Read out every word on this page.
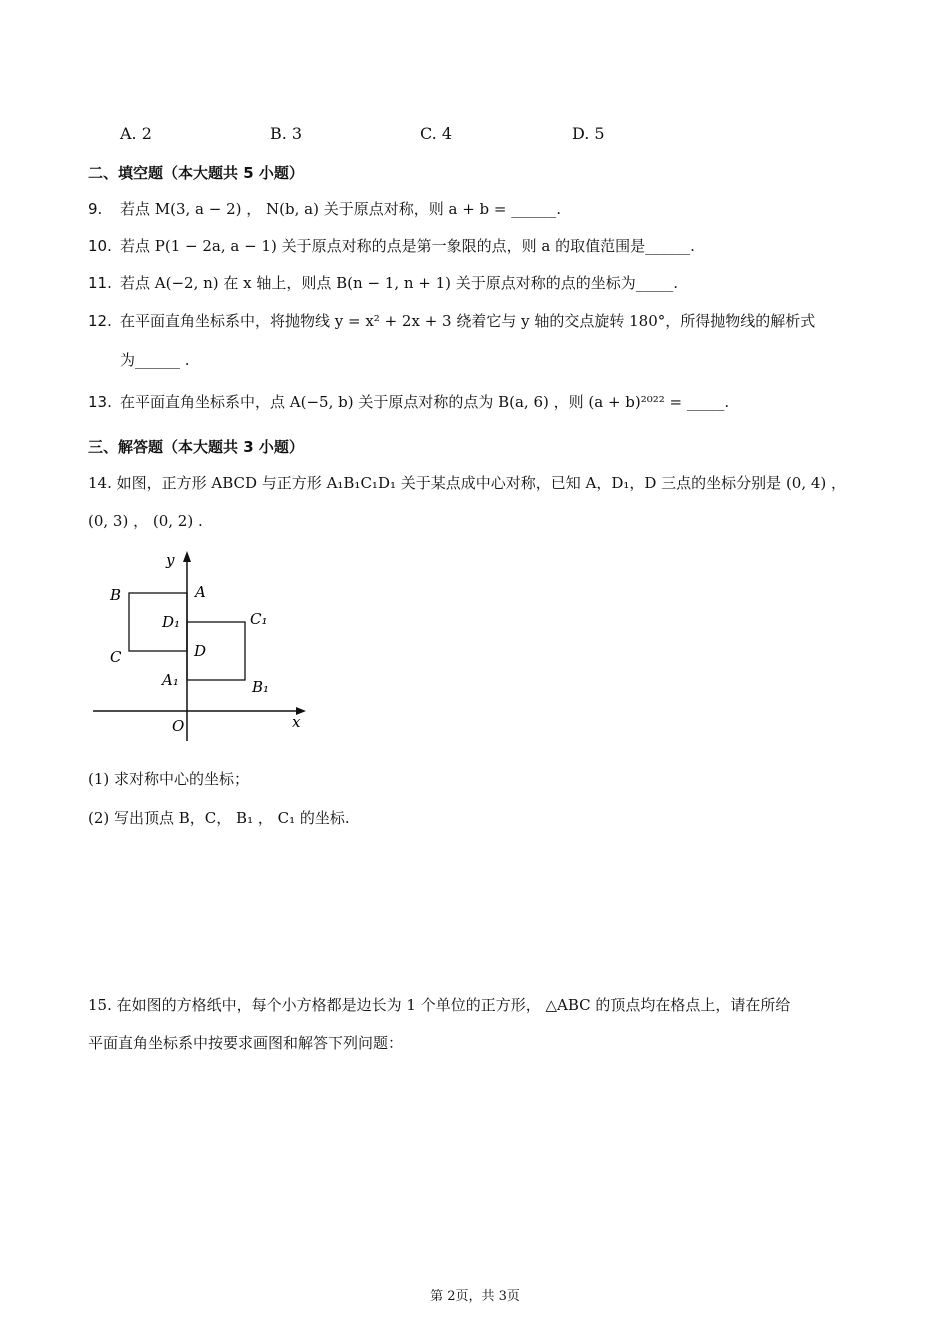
A. 2	B. 3	C. 4	D. 5
二、填空题（本大题共 5 小题）
9. 若点 M(3, a − 2) ， N(b, a) 关于原点对称，则 a + b = ______.
10. 若点 P(1 − 2a, a − 1) 关于原点对称的点是第一象限的点，则 a 的取值范围是______.
11. 若点 A(−2, n) 在 x 轴上，则点 B(n − 1, n + 1) 关于原点对称的点的坐标为_____.
12. 在平面直角坐标系中，将抛物线 y = x² + 2x + 3 绕着它与 y 轴的交点旋转 180°，所得抛物线的解析式
为______ .
13. 在平面直角坐标系中，点 A(−5, b) 关于原点对称的点为 B(a, 6) ，则 (a + b)²⁰²² = _____.
三、解答题（本大题共 3 小题）
14. 如图，正方形 ABCD 与正方形 A₁B₁C₁D₁ 关于某点成中心对称，已知 A，D₁，D 三点的坐标分别是 (0, 4) ，
(0, 3) ， (0, 2) .
y
x
O
A
B
C	D
D₁	C₁
A₁	B₁
(1) 求对称中心的坐标；
(2) 写出顶点 B，C， B₁ ， C₁ 的坐标.
15. 在如图的方格纸中，每个小方格都是边长为 1 个单位的正方形， △ABC 的顶点均在格点上，请在所给
平面直角坐标系中按要求画图和解答下列问题：
第 2页，共 3页
